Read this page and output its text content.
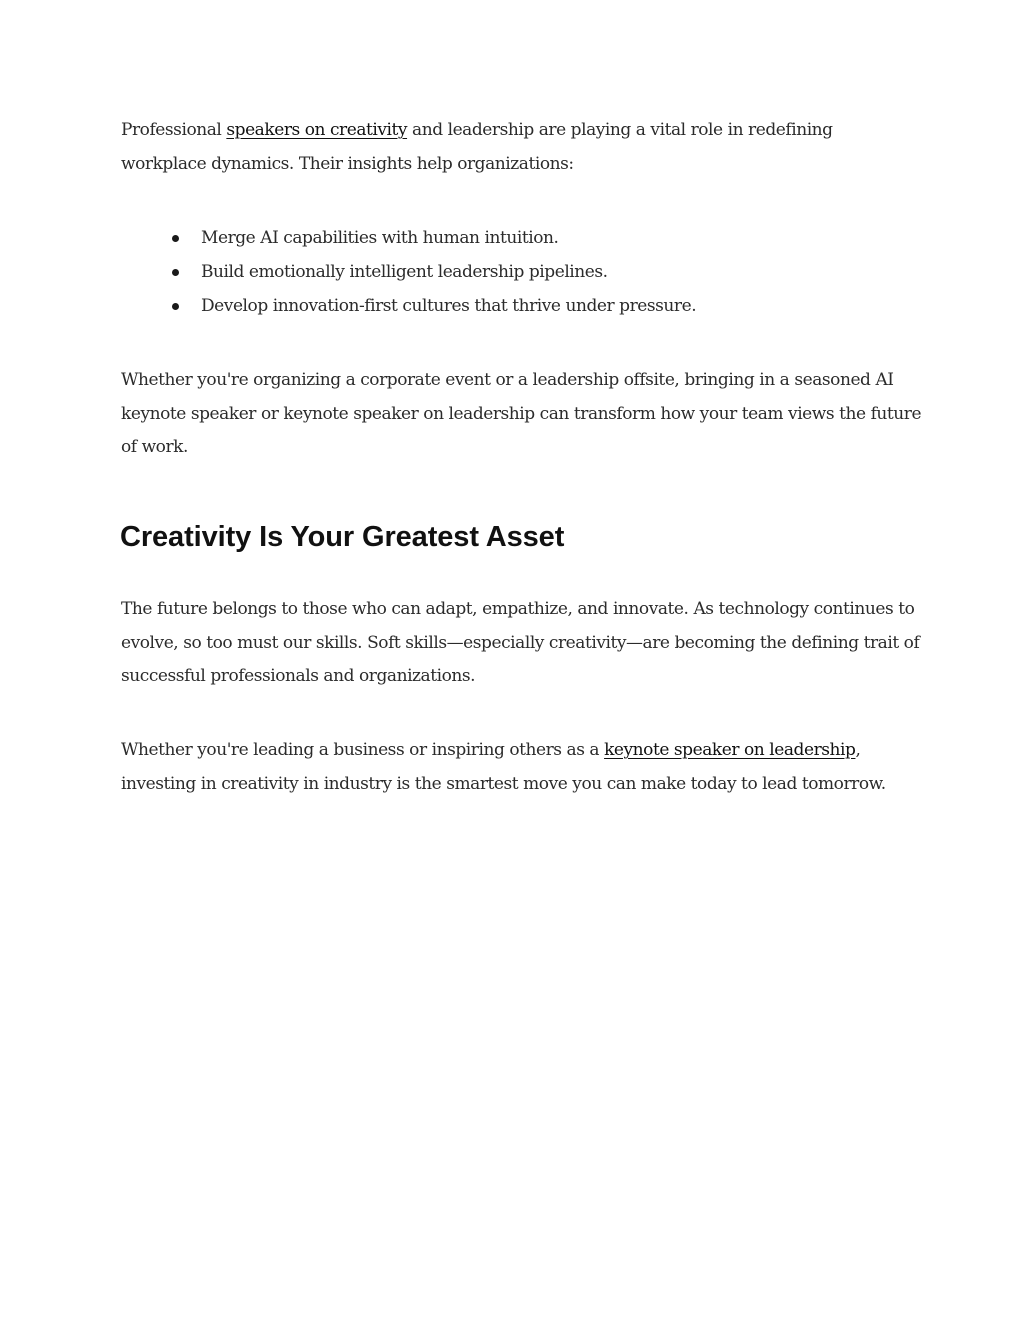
Professional speakers on creativity and leadership are playing a vital role in redefining
workplace dynamics. Their insights help organizations:

Merge AI capabilities with human intuition.
Build emotionally intelligent leadership pipelines.
Develop innovation-first cultures that thrive under pressure.

Whether you're organizing a corporate event or a leadership offsite, bringing in a seasoned AI
keynote speaker or keynote speaker on leadership can transform how your team views the future
of work.

Creativity Is Your Greatest Asset

The future belongs to those who can adapt, empathize, and innovate. As technology continues to
evolve, so too must our skills. Soft skills—especially creativity—are becoming the defining trait of
successful professionals and organizations.

Whether you're leading a business or inspiring others as a keynote speaker on leadership,
investing in creativity in industry is the smartest move you can make today to lead tomorrow.
